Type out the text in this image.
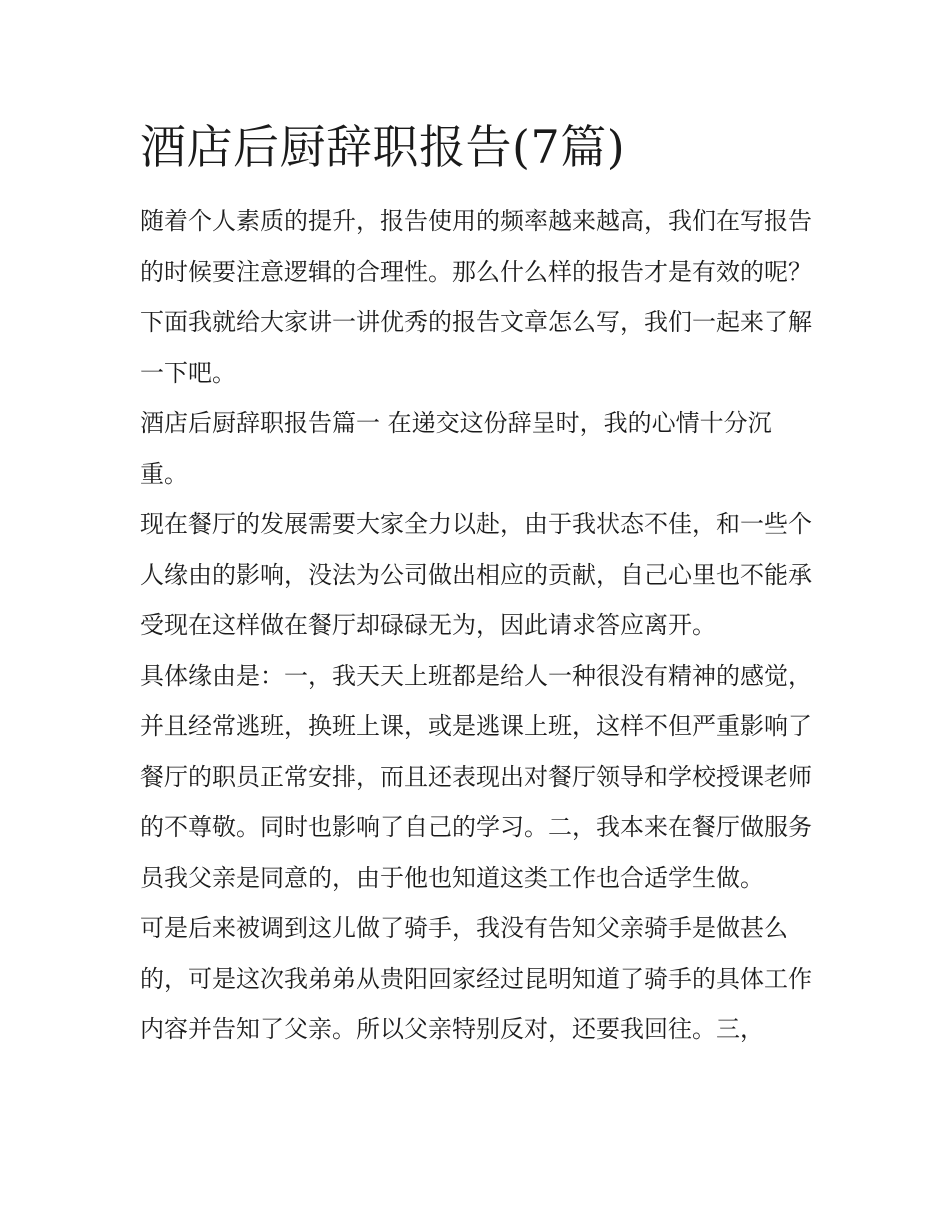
酒店后厨辞职报告(7篇)

随着个人素质的提升，报告使用的频率越来越高，我们在写报告的时候要注意逻辑的合理性。那么什么样的报告才是有效的呢？下面我就给大家讲一讲优秀的报告文章怎么写，我们一起来了解一下吧。

酒店后厨辞职报告篇一 在递交这份辞呈时，我的心情十分沉重。

现在餐厅的发展需要大家全力以赴，由于我状态不佳，和一些个人缘由的影响，没法为公司做出相应的贡献，自己心里也不能承受现在这样做在餐厅却碌碌无为，因此请求答应离开。

具体缘由是：一，我天天上班都是给人一种很没有精神的感觉，并且经常逃班，换班上课，或是逃课上班，这样不但严重影响了餐厅的职员正常安排，而且还表现出对餐厅领导和学校授课老师的不尊敬。同时也影响了自己的学习。二，我本来在餐厅做服务员我父亲是同意的，由于他也知道这类工作也合适学生做。

可是后来被调到这儿做了骑手，我没有告知父亲骑手是做甚么的，可是这次我弟弟从贵阳回家经过昆明知道了骑手的具体工作内容并告知了父亲。所以父亲特别反对，还要我回往。三，
